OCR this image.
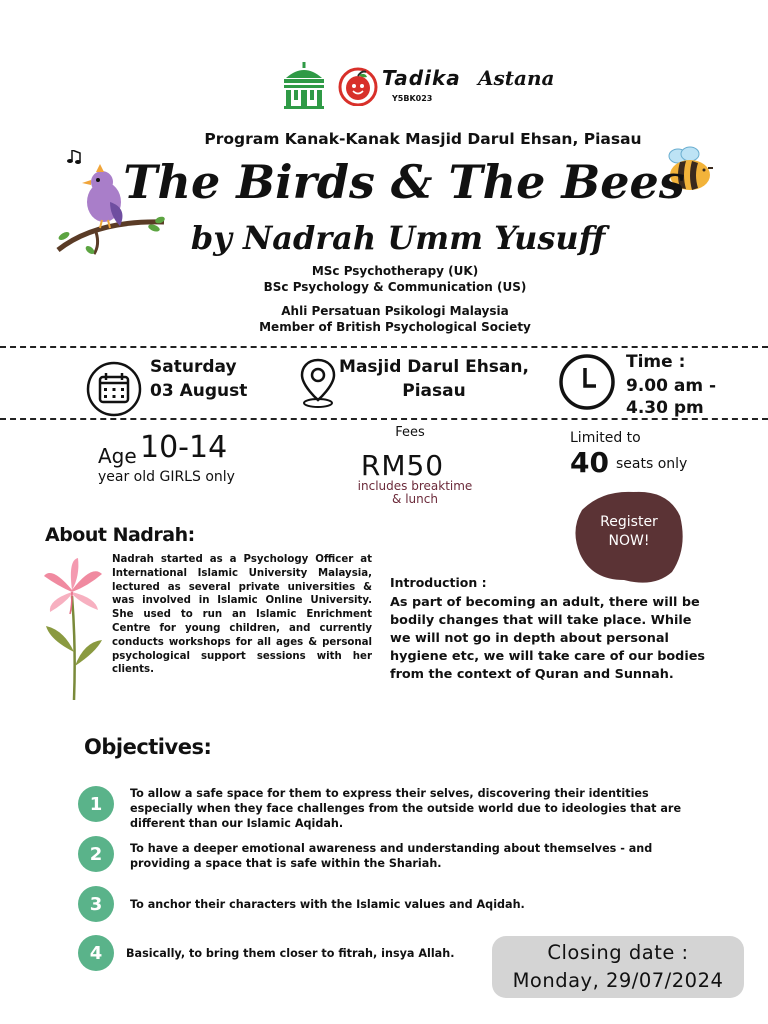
Tadika Astana
Y5BK023
Program Kanak-Kanak Masjid Darul Ehsan, Piasau
The Birds & The Bees
by Nadrah Umm Yusuff
MSc Psychotherapy (UK)
BSc Psychology & Communication (US)
Ahli Persatuan Psikologi Malaysia
Member of British Psychological Society
Saturday
03 August
Masjid Darul Ehsan,
Piasau
Time :
9.00 am -
4.30 pm
Age 10-14
year old GIRLS only
Fees
RM50
includes breaktime
& lunch
Limited to
40 seats only
Register
NOW!
About Nadrah:
Nadrah started as a Psychology Officer at International Islamic University Malaysia, lectured as several private universities & was involved in Islamic Online University. She used to run an Islamic Enrichment Centre for young children, and currently conducts workshops for all ages & personal psychological support sessions with her clients.
Introduction :
As part of becoming an adult, there will be bodily changes that will take place. While we will not go in depth about personal hygiene etc, we will take care of our bodies from the context of Quran and Sunnah.
Objectives:
1	To allow a safe space for them to express their selves, discovering their identities especially when they face challenges from the outside world due to ideologies that are different than our Islamic Aqidah.
2	To have a deeper emotional awareness and understanding about themselves - and providing a space that is safe within the Shariah.
3	To anchor their characters with the Islamic values and Aqidah.
4	Basically, to bring them closer to fitrah, insya Allah.	Closing date :
Monday, 29/07/2024
